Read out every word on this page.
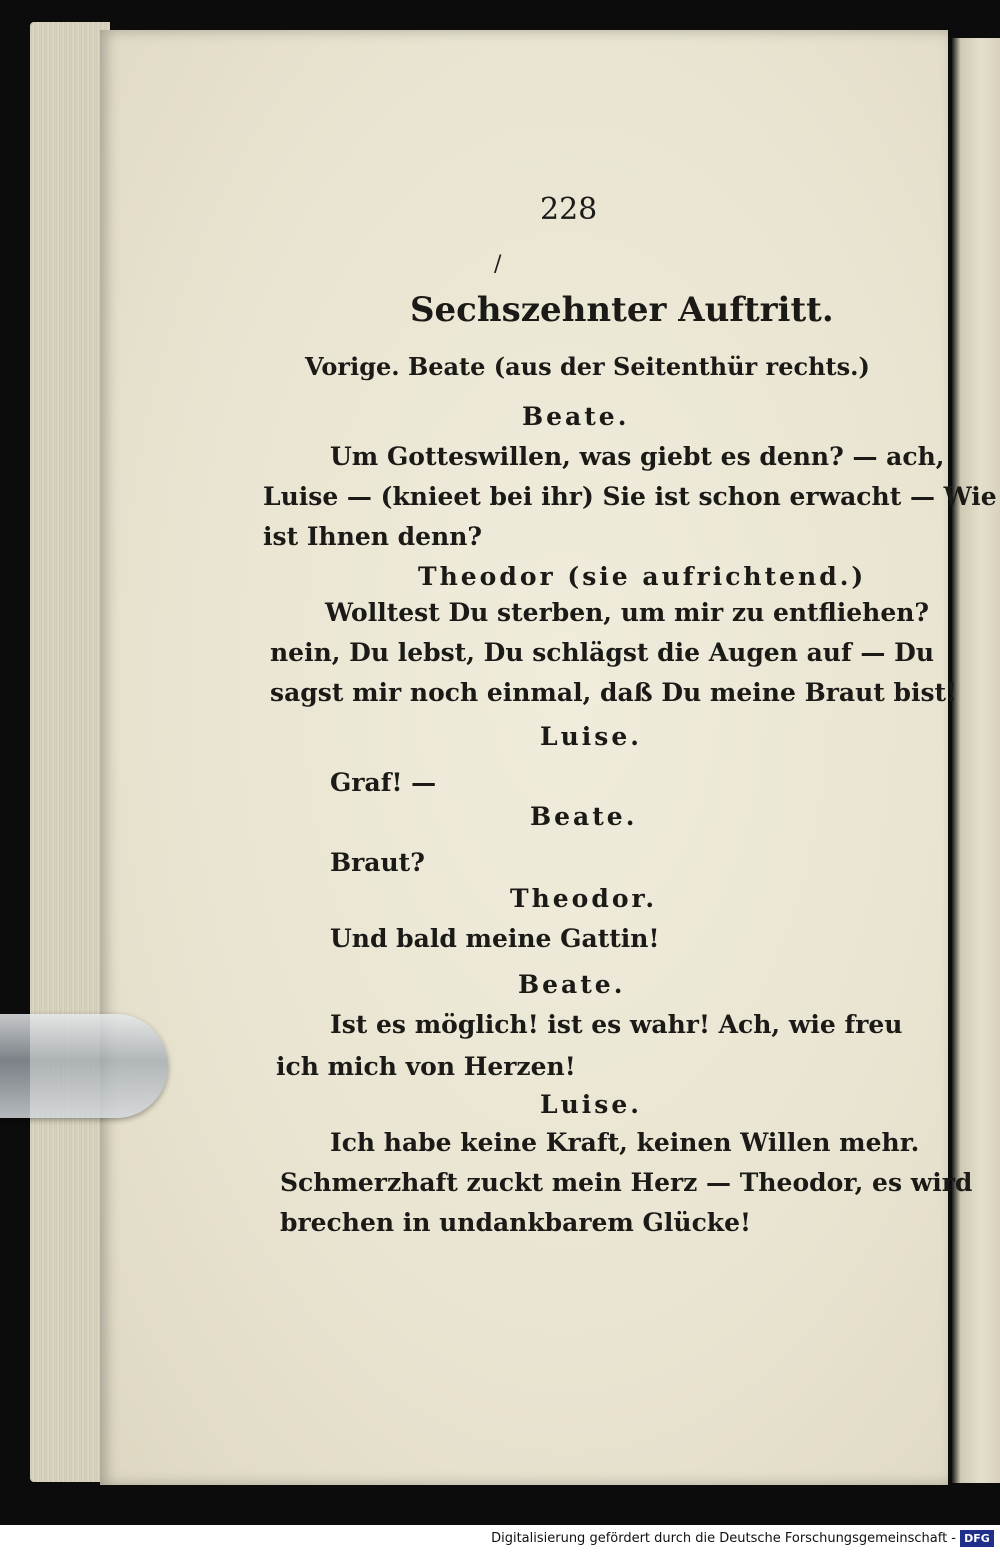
228
/
Sechszehnter Auftritt.
Vorige. Beate (aus der Seitenthür rechts.)
Beate.
Um Gotteswillen, was giebt es denn? — ach,
Luise — (knieet bei ihr) Sie ist schon erwacht — Wie
ist Ihnen denn?
Theodor (sie aufrichtend.)
Wolltest Du sterben, um mir zu entfliehen?
nein, Du lebst, Du schlägst die Augen auf — Du
sagst mir noch einmal, daß Du meine Braut bist!
Luise.
Graf! —
Beate.
Braut?
Theodor.
Und bald meine Gattin!
Beate.
Ist es möglich! ist es wahr! Ach, wie freu
ich mich von Herzen!
Luise.
Ich habe keine Kraft, keinen Willen mehr.
Schmerzhaft zuckt mein Herz — Theodor, es wird
brechen in undankbarem Glücke!
Digitalisierung gefördert durch die Deutsche Forschungsgemeinschaft - DFG
